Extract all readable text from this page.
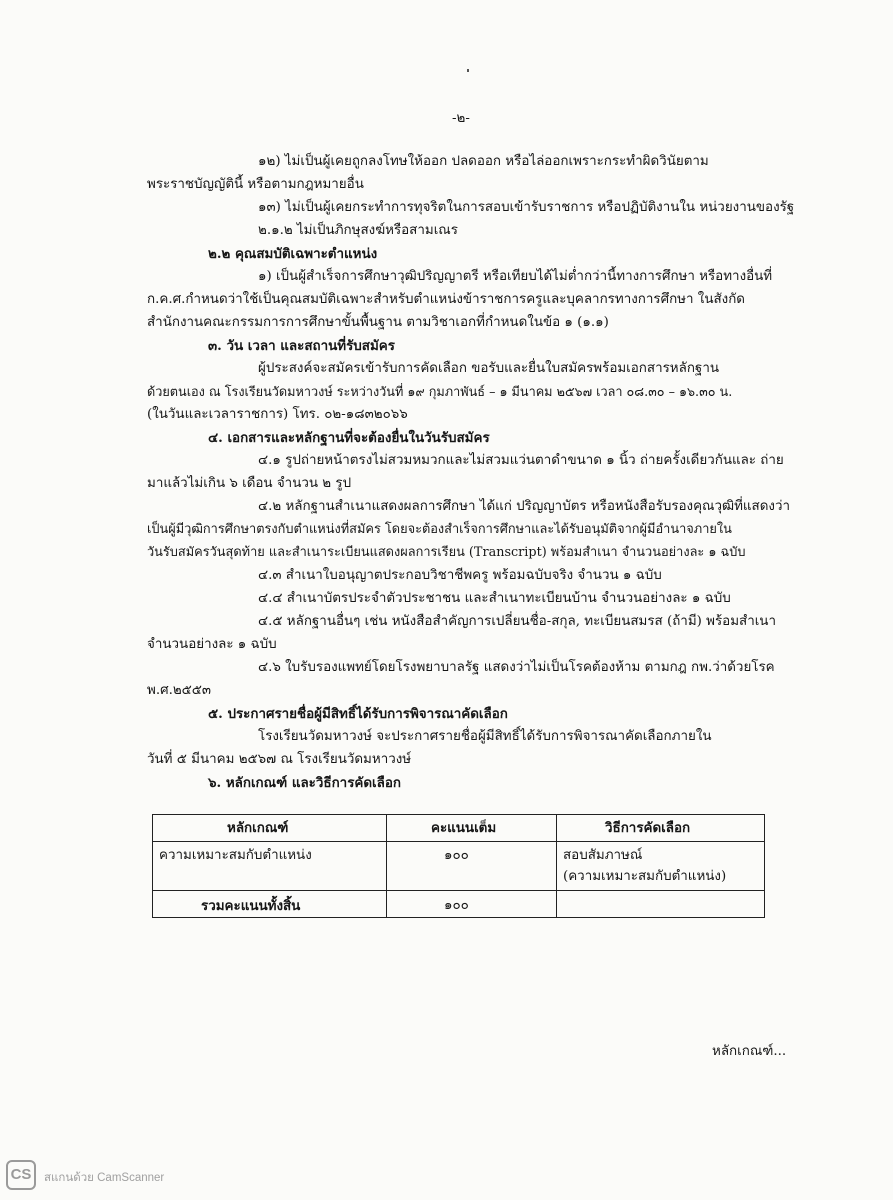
-๒-
๑๒) ไม่เป็นผู้เคยถูกลงโทษให้ออก ปลดออก หรือไล่ออกเพราะกระทำผิดวินัยตาม
พระราชบัญญัตินี้ หรือตามกฎหมายอื่น
๑๓) ไม่เป็นผู้เคยกระทำการทุจริตในการสอบเข้ารับราชการ หรือปฏิบัติงานใน หน่วยงานของรัฐ
๒.๑.๒ ไม่เป็นภิกษุสงฆ์หรือสามเณร
๒.๒ คุณสมบัติเฉพาะตำแหน่ง
๑) เป็นผู้สำเร็จการศึกษาวุฒิปริญญาตรี หรือเทียบได้ไม่ต่ำกว่านี้ทางการศึกษา หรือทางอื่นที่
ก.ค.ศ.กำหนดว่าใช้เป็นคุณสมบัติเฉพาะสำหรับตำแหน่งข้าราชการครูและบุคลากรทางการศึกษา ในสังกัด
สำนักงานคณะกรรมการการศึกษาขั้นพื้นฐาน ตามวิชาเอกที่กำหนดในข้อ ๑ (๑.๑)
๓. วัน เวลา และสถานที่รับสมัคร
ผู้ประสงค์จะสมัครเข้ารับการคัดเลือก ขอรับและยื่นใบสมัครพร้อมเอกสารหลักฐาน
ด้วยตนเอง ณ โรงเรียนวัดมหาวงษ์ ระหว่างวันที่ ๑๙ กุมภาพันธ์ – ๑ มีนาคม ๒๕๖๗ เวลา ๐๘.๓๐ – ๑๖.๓๐ น.
(ในวันและเวลาราชการ) โทร. ๐๒-๑๘๓๒๐๖๖
๔. เอกสารและหลักฐานที่จะต้องยื่นในวันรับสมัคร
๔.๑ รูปถ่ายหน้าตรงไม่สวมหมวกและไม่สวมแว่นตาดำขนาด ๑ นิ้ว ถ่ายครั้งเดียวกันและ ถ่าย
มาแล้วไม่เกิน ๖ เดือน จำนวน ๒ รูป
๔.๒ หลักฐานสำเนาแสดงผลการศึกษา ได้แก่ ปริญญาบัตร หรือหนังสือรับรองคุณวุฒิที่แสดงว่า
เป็นผู้มีวุฒิการศึกษาตรงกับตำแหน่งที่สมัคร โดยจะต้องสำเร็จการศึกษาและได้รับอนุมัติจากผู้มีอำนาจภายใน
วันรับสมัครวันสุดท้าย และสำเนาระเบียนแสดงผลการเรียน (Transcript) พร้อมสำเนา จำนวนอย่างละ ๑ ฉบับ
๔.๓ สำเนาใบอนุญาตประกอบวิชาชีพครู พร้อมฉบับจริง จำนวน ๑ ฉบับ
๔.๔ สำเนาบัตรประจำตัวประชาชน และสำเนาทะเบียนบ้าน จำนวนอย่างละ ๑ ฉบับ
๔.๕ หลักฐานอื่นๆ เช่น หนังสือสำคัญการเปลี่ยนชื่อ-สกุล, ทะเบียนสมรส (ถ้ามี) พร้อมสำเนา
จำนวนอย่างละ ๑ ฉบับ
๔.๖ ใบรับรองแพทย์โดยโรงพยาบาลรัฐ แสดงว่าไม่เป็นโรคต้องห้าม ตามกฎ กพ.ว่าด้วยโรค
พ.ศ.๒๕๕๓
๕. ประกาศรายชื่อผู้มีสิทธิ์ได้รับการพิจารณาคัดเลือก
โรงเรียนวัดมหาวงษ์ จะประกาศรายชื่อผู้มีสิทธิ์ได้รับการพิจารณาคัดเลือกภายใน
วันที่ ๕ มีนาคม ๒๕๖๗ ณ โรงเรียนวัดมหาวงษ์
๖. หลักเกณฑ์ และวิธีการคัดเลือก
หลักเกณฑ์	คะแนนเต็ม	วิธีการคัดเลือก
ความเหมาะสมกับตำแหน่ง	๑๐๐	สอบสัมภาษณ์
(ความเหมาะสมกับตำแหน่ง)
รวมคะแนนทั้งสิ้น	๑๐๐
หลักเกณฑ์...
CS	สแกนด้วย CamScanner
